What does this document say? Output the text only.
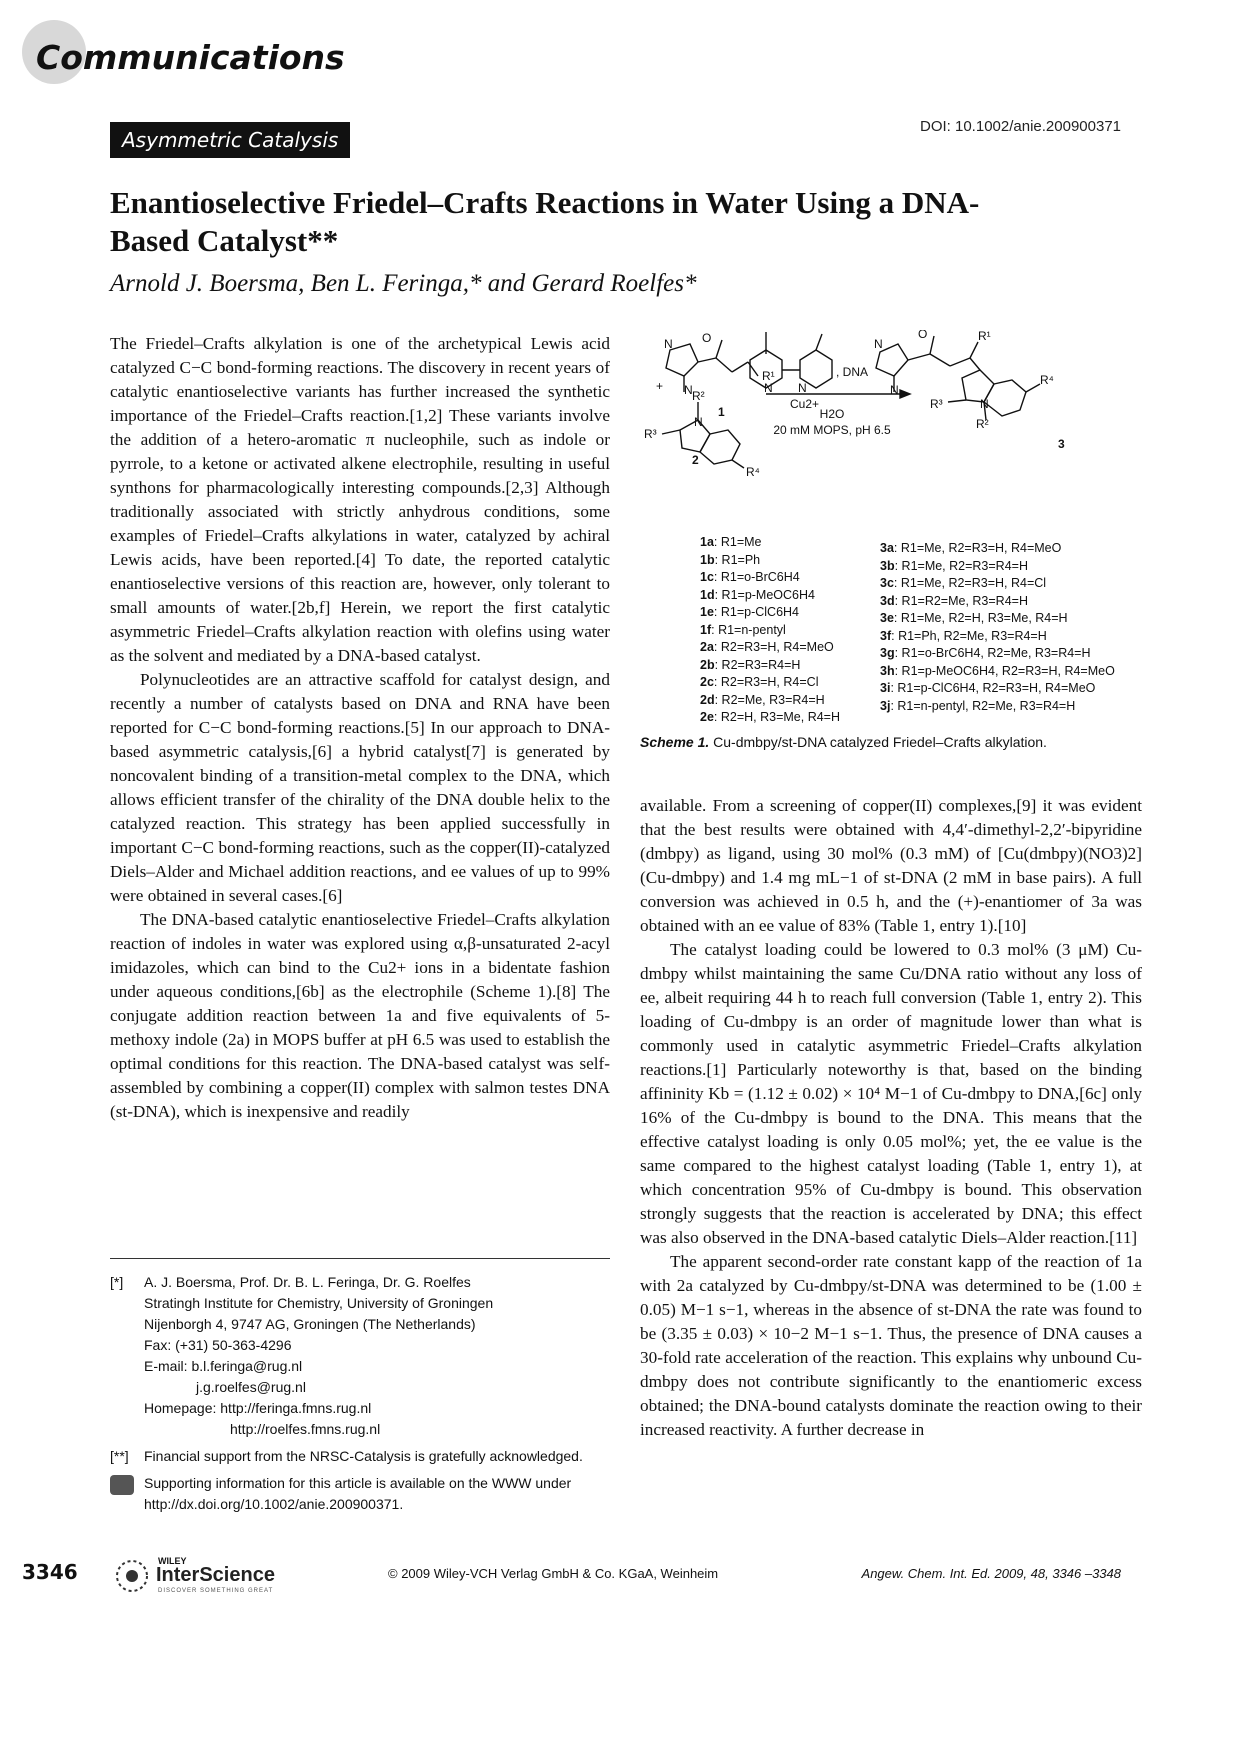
Communications
DOI: 10.1002/anie.200900371
Asymmetric Catalysis
Enantioselective Friedel–Crafts Reactions in Water Using a DNA-
Based Catalyst**
Arnold J. Boersma, Ben L. Feringa,* and Gerard Roelfes*

The Friedel–Crafts alkylation is one of the archetypical Lewis acid catalyzed C−C bond-forming reactions. The discovery in recent years of catalytic enantioselective variants has further increased the synthetic importance of the Friedel–Crafts reaction.[1,2] These variants involve the addition of a hetero-aromatic π nucleophile, such as indole or pyrrole, to a ketone or activated alkene electrophile, resulting in useful synthons for pharmacologically interesting compounds.[2,3] Although traditionally associated with strictly anhydrous conditions, some examples of Friedel–Crafts alkylations in water, catalyzed by achiral Lewis acids, have been reported.[4] To date, the reported catalytic enantioselective versions of this reaction are, however, only tolerant to small amounts of water.[2b,f] Herein, we report the first catalytic asymmetric Friedel–Crafts alkylation reaction with olefins using water as the solvent and mediated by a DNA-based catalyst.

Polynucleotides are an attractive scaffold for catalyst design, and recently a number of catalysts based on DNA and RNA have been reported for C−C bond-forming reactions.[5] In our approach to DNA-based asymmetric catalysis,[6] a hybrid catalyst[7] is generated by noncovalent binding of a transition-metal complex to the DNA, which allows efficient transfer of the chirality of the DNA double helix to the catalyzed reaction. This strategy has been applied successfully in important C−C bond-forming reactions, such as the copper(II)-catalyzed Diels–Alder and Michael addition reactions, and ee values of up to 99% were obtained in several cases.[6]

The DNA-based catalytic enantioselective Friedel–Crafts alkylation reaction of indoles in water was explored using α,β-unsaturated 2-acyl imidazoles, which can bind to the Cu2+ ions in a bidentate fashion under aqueous conditions,[6b] as the electrophile (Scheme 1).[8] The conjugate addition reaction between 1a and five equivalents of 5-methoxy indole (2a) in MOPS buffer at pH 6.5 was used to establish the optimal conditions for this reaction. The DNA-based catalyst was self-assembled by combining a copper(II) complex with salmon testes DNA (st-DNA), which is inexpensive and readily

N
N
O
R¹
+
R²
R³
N
R⁴
N N
Cu2+
, DNA
H2O
20 mM MOPS, pH 6.5
N
N
O	R¹
R³	N
R²
R⁴
1
2
3
1a: R1=Me
1b: R1=Ph
1c: R1=o-BrC6H4
1d: R1=p-MeOC6H4
1e: R1=p-ClC6H4
1f: R1=n-pentyl
2a: R2=R3=H, R4=MeO
2b: R2=R3=R4=H
2c: R2=R3=H, R4=Cl
2d: R2=Me, R3=R4=H
2e: R2=H, R3=Me, R4=H
3a: R1=Me, R2=R3=H, R4=MeO
3b: R1=Me, R2=R3=R4=H
3c: R1=Me, R2=R3=H, R4=Cl
3d: R1=R2=Me, R3=R4=H
3e: R1=Me, R2=H, R3=Me, R4=H
3f: R1=Ph, R2=Me, R3=R4=H
3g: R1=o-BrC6H4, R2=Me, R3=R4=H
3h: R1=p-MeOC6H4, R2=R3=H, R4=MeO
3i: R1=p-ClC6H4, R2=R3=H, R4=MeO
3j: R1=n-pentyl, R2=Me, R3=R4=H
Scheme 1. Cu-dmbpy/st-DNA catalyzed Friedel–Crafts alkylation.

available. From a screening of copper(II) complexes,[9] it was evident that the best results were obtained with 4,4′-dimethyl-2,2′-bipyridine (dmbpy) as ligand, using 30 mol% (0.3 mM) of [Cu(dmbpy)(NO3)2] (Cu-dmbpy) and 1.4 mg mL−1 of st-DNA (2 mM in base pairs). A full conversion was achieved in 0.5 h, and the (+)-enantiomer of 3a was obtained with an ee value of 83% (Table 1, entry 1).[10]

The catalyst loading could be lowered to 0.3 mol% (3 μM) Cu-dmbpy whilst maintaining the same Cu/DNA ratio without any loss of ee, albeit requiring 44 h to reach full conversion (Table 1, entry 2). This loading of Cu-dmbpy is an order of magnitude lower than what is commonly used in catalytic asymmetric Friedel–Crafts alkylation reactions.[1] Particularly noteworthy is that, based on the binding affininity Kb = (1.12 ± 0.02) × 10⁴ M−1 of Cu-dmbpy to DNA,[6c] only 16% of the Cu-dmbpy is bound to the DNA. This means that the effective catalyst loading is only 0.05 mol%; yet, the ee value is the same compared to the highest catalyst loading (Table 1, entry 1), at which concentration 95% of Cu-dmbpy is bound. This observation strongly suggests that the reaction is accelerated by DNA; this effect was also observed in the DNA-based catalytic Diels–Alder reaction.[11]

The apparent second-order rate constant kapp of the reaction of 1a with 2a catalyzed by Cu-dmbpy/st-DNA was determined to be (1.00 ± 0.05) M−1 s−1, whereas in the absence of st-DNA the rate was found to be (3.35 ± 0.03) × 10−2 M−1 s−1. Thus, the presence of DNA causes a 30-fold rate acceleration of the reaction. This explains why unbound Cu-dmbpy does not contribute significantly to the enantiomeric excess obtained; the DNA-bound catalysts dominate the reaction owing to their increased reactivity. A further decrease in

[*] A. J. Boersma, Prof. Dr. B. L. Feringa, Dr. G. Roelfes
Stratingh Institute for Chemistry, University of Groningen
Nijenborgh 4, 9747 AG, Groningen (The Netherlands)
Fax: (+31) 50-363-4296
E-mail: b.l.feringa@rug.nl
j.g.roelfes@rug.nl
Homepage: http://feringa.fmns.rug.nl
http://roelfes.fmns.rug.nl
[**] Financial support from the NRSC-Catalysis is gratefully acknowledged.
Supporting information for this article is available on the WWW under http://dx.doi.org/10.1002/anie.200900371.
3346	WILEY
InterScience
DISCOVER SOMETHING GREAT
© 2009 Wiley-VCH Verlag GmbH & Co. KGaA, Weinheim	Angew. Chem. Int. Ed. 2009, 48, 3346 –3348
